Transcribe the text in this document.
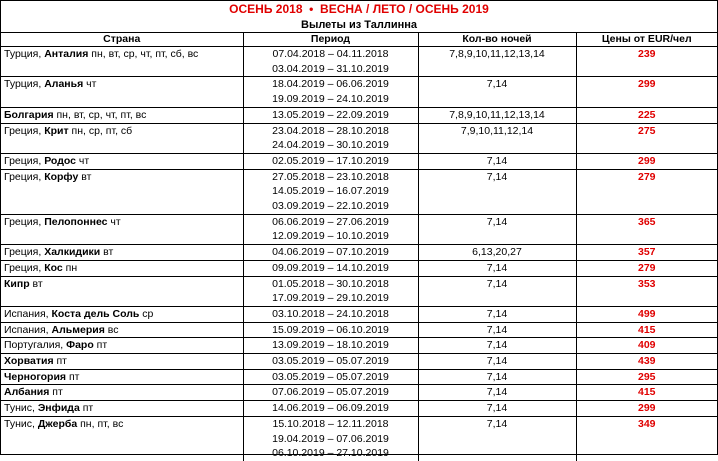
ОСЕНЬ 2018  •  ВЕСНА / ЛЕТО / ОСЕНЬ 2019
Вылеты из Таллинна
Страна	Период	Кол-во ночей	Цены от EUR/чел
Турция, Анталия пн, вт, ср, чт, пт, сб, вс	07.04.2018 – 04.11.2018
03.04.2019 – 31.10.2019	7,8,9,10,11,12,13,14	239
Турция, Аланья чт	18.04.2019 – 06.06.2019
19.09.2019 – 24.10.2019	7,14	299
Болгария пн, вт, ср, чт, пт, вс	13.05.2019 – 22.09.2019	7,8,9,10,11,12,13,14	225
Греция, Крит пн, ср, пт, сб	23.04.2018 – 28.10.2018
24.04.2019 – 30.10.2019	7,9,10,11,12,14	275
Греция, Родос чт	02.05.2019 – 17.10.2019	7,14	299
Греция, Корфу вт	27.05.2018 – 23.10.2018
14.05.2019 – 16.07.2019
03.09.2019 – 22.10.2019	7,14	279
Греция, Пелопоннес чт	06.06.2019 – 27.06.2019
12.09.2019 – 10.10.2019	7,14	365
Греция, Халкидики вт	04.06.2019 – 07.10.2019	6,13,20,27	357
Греция, Кос пн	09.09.2019 – 14.10.2019	7,14	279
Кипр вт	01.05.2018 – 30.10.2018
17.09.2019 – 29.10.2019	7,14	353
Испания, Коста дель Соль ср	03.10.2018 – 24.10.2018	7,14	499
Испания, Альмерия вс	15.09.2019 – 06.10.2019	7,14	415
Португалия, Фаро пт	13.09.2019 – 18.10.2019	7,14	409
Хорватия пт	03.05.2019 – 05.07.2019	7,14	439
Черногория пт	03.05.2019 – 05.07.2019	7,14	295
Албания пт	07.06.2019 – 05.07.2019	7,14	415
Тунис, Энфида пт	14.06.2019 – 06.09.2019	7,14	299
Тунис, Джерба пн, пт, вс	15.10.2018 – 12.11.2018
19.04.2019 – 07.06.2019
06.10.2019 – 27.10.2019	7,14	349
